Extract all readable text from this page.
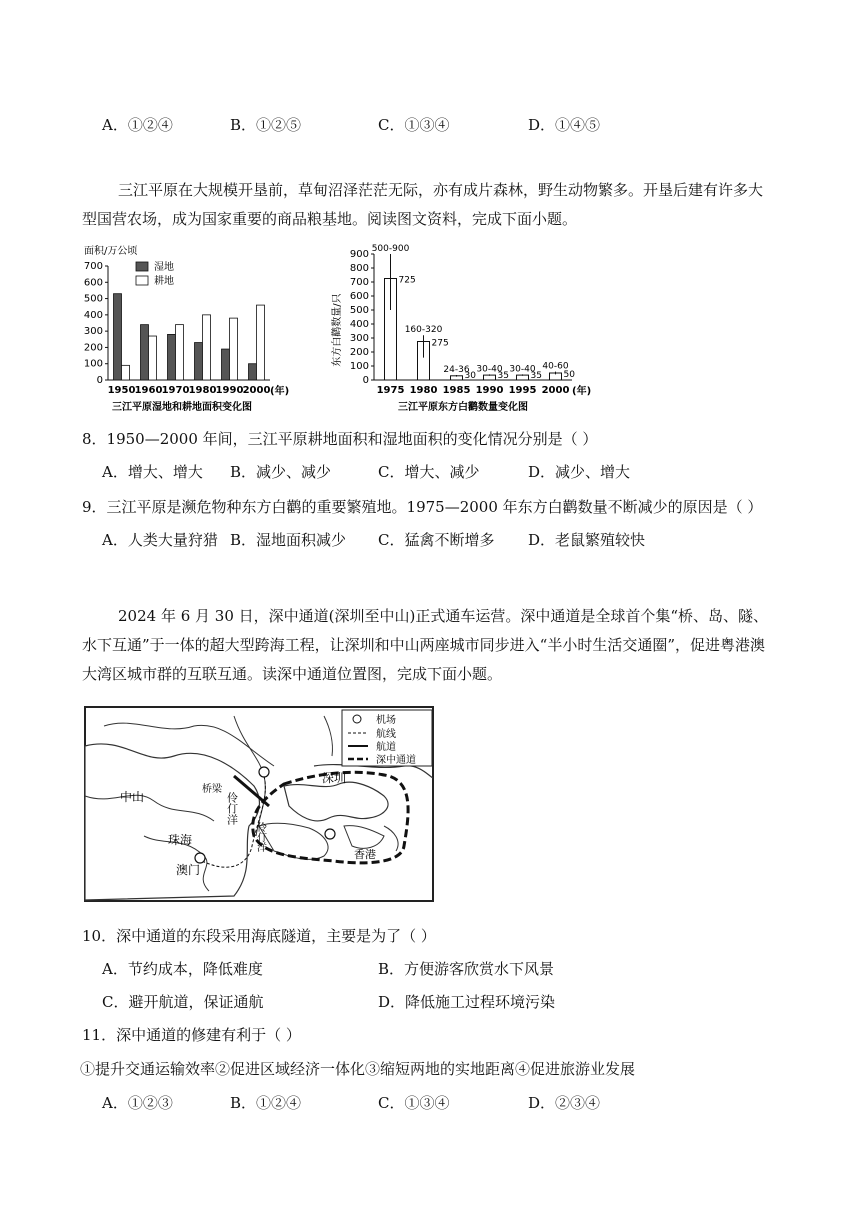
A．①②④	B．①②⑤	C．①③④	D．①④⑤
三江平原在大规模开垦前，草甸沼泽茫茫无际，亦有成片森林，野生动物繁多。开垦后建有许多大型国营农场，成为国家重要的商品粮基地。阅读图文资料，完成下面小题。
面积/万公顷
0
100
200
300
400
500
600
700
1950 1960 1970 1980 1990 2000
湿地
耕地
(年)
三江平原湿地和耕地面积变化图
东方白鹳数量/只
0
100
200
300
400
500
600
700
800
900
1975 1980 1985 1990 1995 2000
500-900
725
160-320
275
24-36
30
30-40
35
30-40
35
40-60
50
(年)
三江平原东方白鹳数量变化图
8．1950—2000 年间，三江平原耕地面积和湿地面积的变化情况分别是（ ）
A．增大、增大 B．减少、减少	C．增大、减少	D．减少、增大
9．三江平原是濒危物种东方白鹳的重要繁殖地。1975—2000 年东方白鹳数量不断减少的原因是（ ）
A．人类大量狩猎 B．湿地面积减少 C．猛禽不断增多 D．老鼠繁殖较快
2024 年 6 月 30 日，深中通道(深圳至中山)正式通车运营。深中通道是全球首个集“桥、岛、隧、水下互通”于一体的超大型跨海工程，让深圳和中山两座城市同步进入“半小时生活交通圈”，促进粤港澳大湾区城市群的互联互通。读深中通道位置图，完成下面小题。
机场
航线
航道
深中通道
中山
珠海
澳门
深圳
香港
桥梁
伶仃洋
伶仃洋
10．深中通道的东段采用海底隧道，主要是为了（ ）
A．节约成本，降低难度	B．方便游客欣赏水下风景
C．避开航道，保证通航	D．降低施工过程环境污染
11．深中通道的修建有利于（ ）
①提升交通运输效率②促进区域经济一体化③缩短两地的实地距离④促进旅游业发展
A．①②③	B．①②④	C．①③④	D．②③④
